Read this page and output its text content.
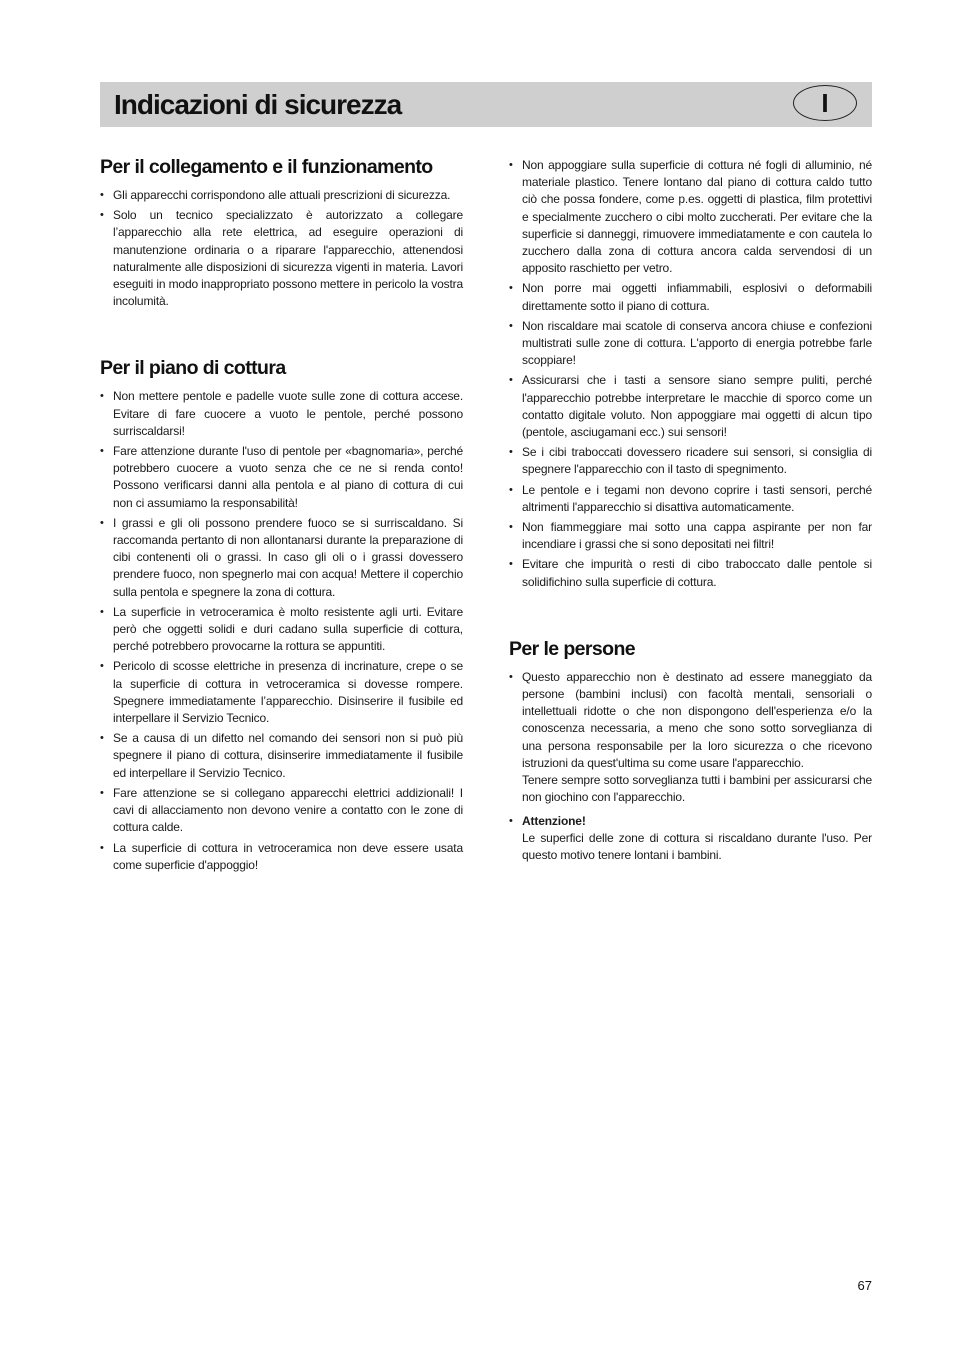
Indicazioni di sicurezza	I
Per il collegamento e il funzionamento
• Gli apparecchi corrispondono alle attuali prescrizioni di sicurezza.
• Solo un tecnico specializzato è autorizzato a collegare l’apparecchio alla rete elettrica, ad eseguire operazioni di manutenzione ordinaria o a riparare l'apparecchio, attenendosi naturalmente alle disposizioni di sicurezza vigenti in materia. Lavori eseguiti in modo inappropriato possono mettere in pericolo la vostra incolumità.
Per il piano di cottura
• Non mettere pentole e padelle vuote sulle zone di cottura accese. Evitare di fare cuocere a vuoto le pentole, perché possono surriscaldarsi!
• Fare attenzione durante l'uso di pentole per «bagnomaria», perché potrebbero cuocere a vuoto senza che ce ne si renda conto! Possono verificarsi danni alla pentola e al piano di cottura di cui non ci assumiamo la responsabilità!
• I grassi e gli oli possono prendere fuoco se si surriscaldano. Si raccomanda pertanto di non allontanarsi durante la preparazione di cibi contenenti oli o grassi. In caso gli oli o i grassi dovessero prendere fuoco, non spegnerlo mai con acqua! Mettere il coperchio sulla pentola e spegnere la zona di cottura.
• La superficie in vetroceramica è molto resistente agli urti. Evitare però che oggetti solidi e duri cadano sulla superficie di cottura, perché potrebbero provocarne la rottura se appuntiti.
• Pericolo di scosse elettriche in presenza di incrinature, crepe o se la superficie di cottura in vetroceramica si dovesse rompere. Spegnere immediatamente l’apparecchio. Disinserire il fusibile ed interpellare il Servizio Tecnico.
• Se a causa di un difetto nel comando dei sensori non si può più spegnere il piano di cottura, disinserire immediatamente il fusibile ed interpellare il Servizio Tecnico.
• Fare attenzione se si collegano apparecchi elettrici addizionali! I cavi di allacciamento non devono venire a contatto con le zone di cottura calde.
• La superficie di cottura in vetroceramica non deve essere usata come superficie d'appoggio!
• Non appoggiare sulla superficie di cottura né fogli di alluminio, né materiale plastico. Tenere lontano dal piano di cottura caldo tutto ciò che possa fondere, come p.es. oggetti di plastica, film protettivi e specialmente zucchero o cibi molto zuccherati. Per evitare che la superficie si danneggi, rimuovere immediatamente e con cautela lo zucchero dalla zona di cottura ancora calda servendosi di un apposito raschietto per vetro.
• Non porre mai oggetti infiammabili, esplosivi o deformabili direttamente sotto il piano di cottura.
• Non riscaldare mai scatole di conserva ancora chiuse e confezioni multistrati sulle zone di cottura. L'apporto di energia potrebbe farle scoppiare!
• Assicurarsi che i tasti a sensore siano sempre puliti, perché l'apparecchio potrebbe interpretare le macchie di sporco come un contatto digitale voluto. Non appoggiare mai oggetti di alcun tipo (pentole, asciugamani ecc.) sui sensori!
• Se i cibi traboccati dovessero ricadere sui sensori, si consiglia di spegnere l'apparecchio con il tasto di spegnimento.
• Le pentole e i tegami non devono coprire i tasti sensori, perché altrimenti l'apparecchio si disattiva automaticamente.
• Non fiammeggiare mai sotto una cappa aspirante per non far incendiare i grassi che si sono depositati nei filtri!
• Evitare che impurità o resti di cibo traboccato dalle pentole si solidifichino sulla superficie di cottura.
Per le persone
• Questo apparecchio non è destinato ad essere maneggiato da persone (bambini inclusi) con facoltà mentali, sensoriali o intellettuali ridotte o che non dispongono dell'esperienza e/o la conoscenza necessaria, a meno che sono sotto sorveglianza di una persona responsabile per la loro sicurezza o che ricevono istruzioni da quest'ultima su come usare l'apparecchio.
Tenere sempre sotto sorveglianza tutti i bambini per assicurarsi che non giochino con l'apparecchio.
• Attenzione!
Le superfici delle zone di cottura si riscaldano durante l'uso. Per questo motivo tenere lontani i bambini.
67
